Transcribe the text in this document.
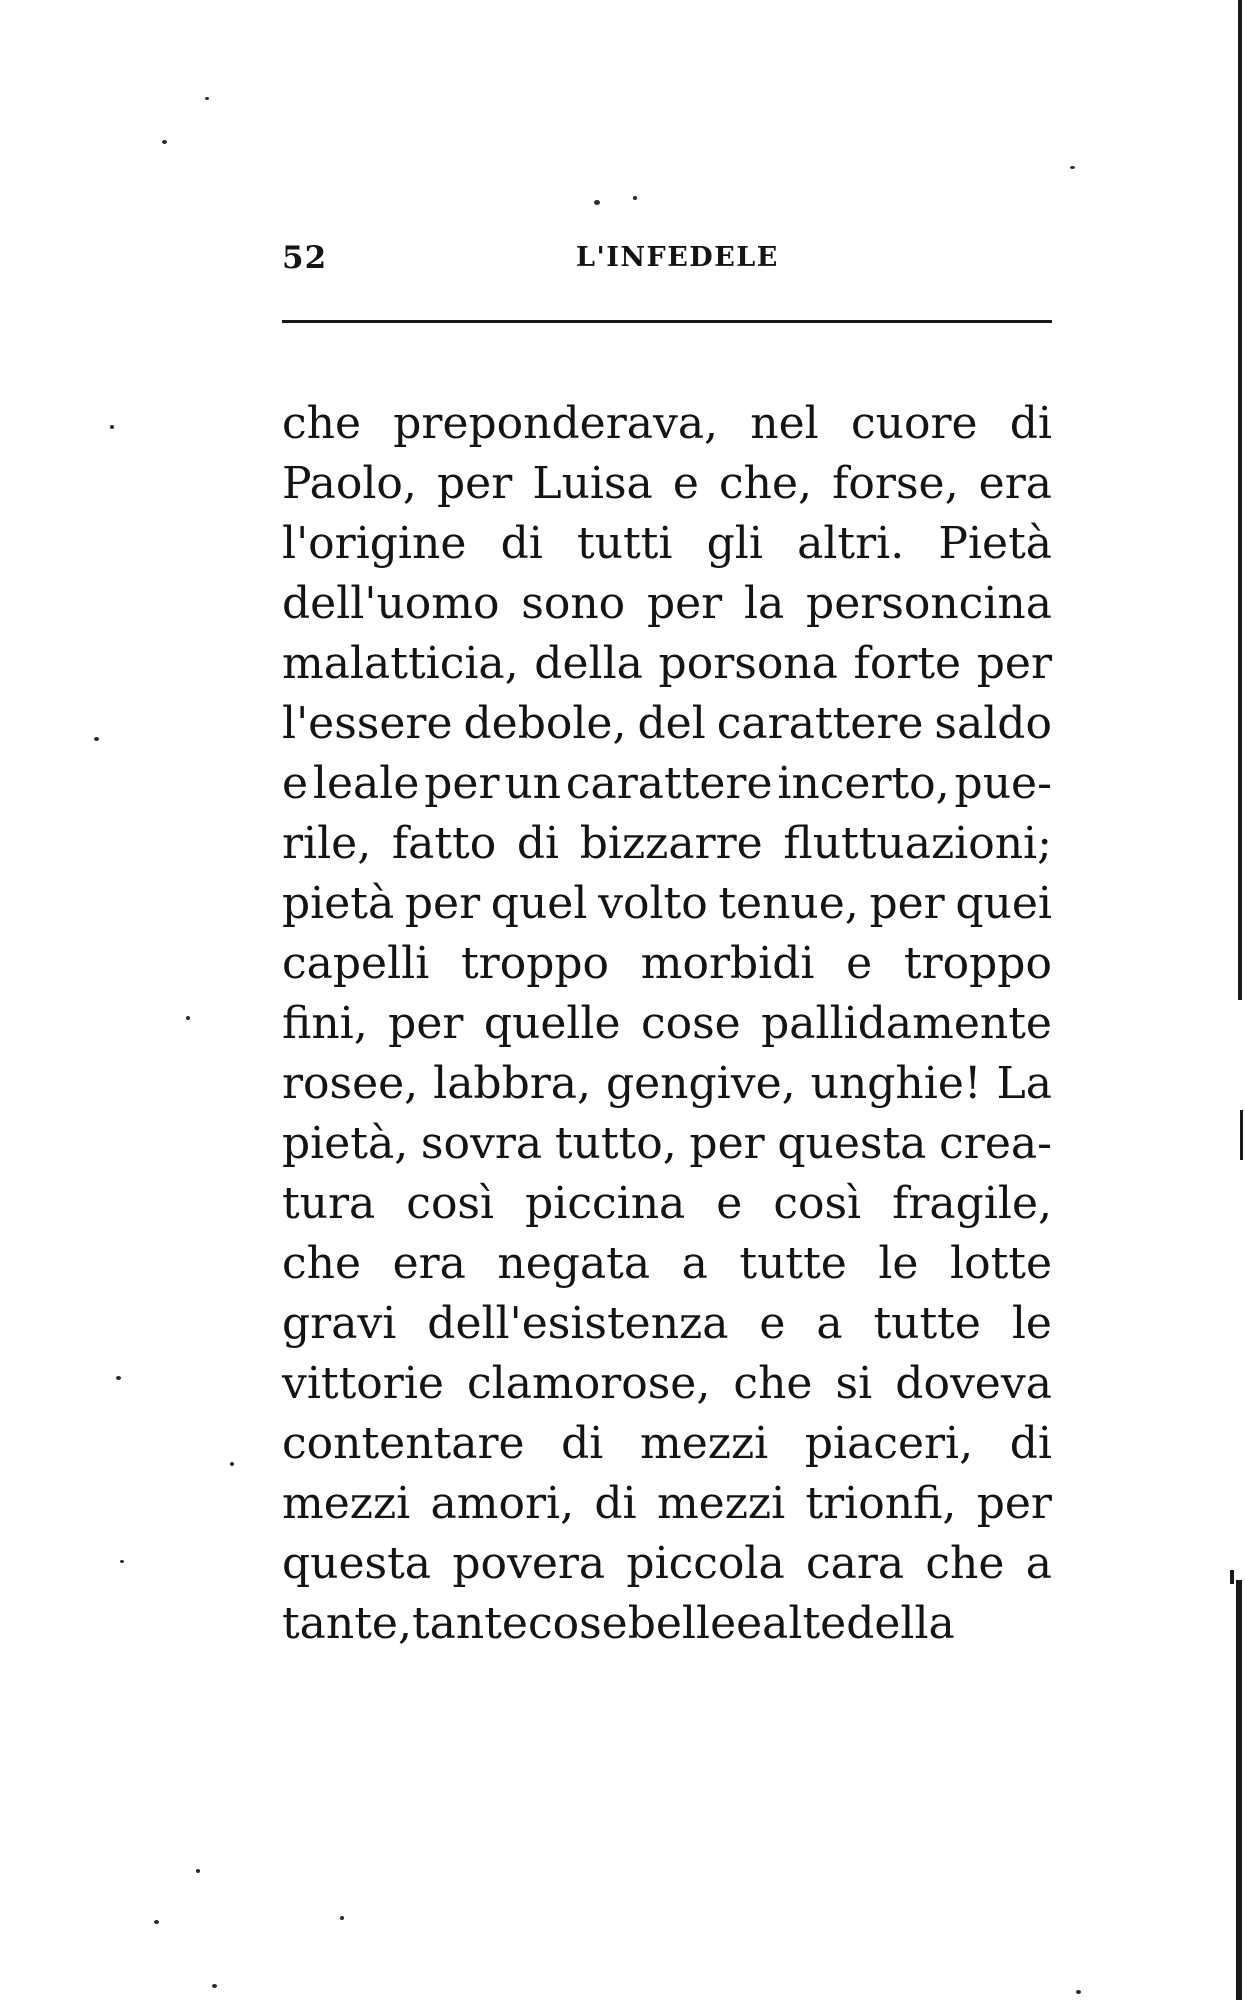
52	L'INFEDELE
che preponderava, nel cuore di
Paolo, per Luisa e che, forse, era
l'origine di tutti gli altri. Pietà
dell'uomo sono per la personcina
malatticia, della porsona forte per
l'essere debole, del carattere saldo
e leale per un carattere incerto, pue-
rile, fatto di bizzarre fluttuazioni;
pietà per quel volto tenue, per quei
capelli troppo morbidi e troppo
fini, per quelle cose pallidamente
rosee, labbra, gengive, unghie! La
pietà, sovra tutto, per questa crea-
tura così piccina e così fragile,
che era negata a tutte le lotte
gravi dell'esistenza e a tutte le
vittorie clamorose, che si doveva
contentare di mezzi piaceri, di
mezzi amori, di mezzi trionfi, per
questa povera piccola cara che a
tante, tante cose belle e alte della
